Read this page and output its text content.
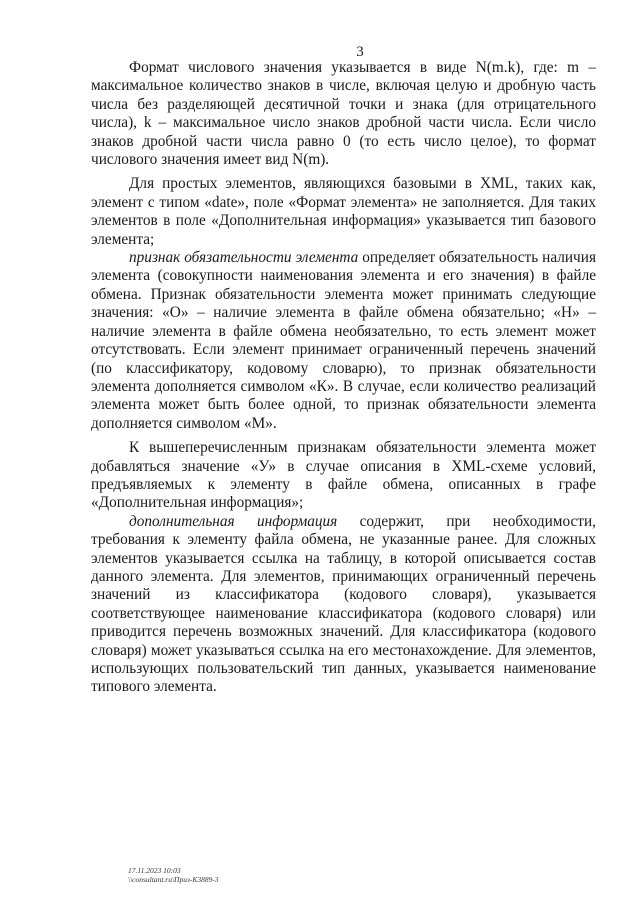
3

Формат числового значения указывается в виде N(m.k), где: m – максимальное количество знаков в числе, включая целую и дробную часть числа без разделяющей десятичной точки и знака (для отрицательного числа), k – максимальное число знаков дробной части числа. Если число знаков дробной части числа равно 0 (то есть число целое), то формат числового значения имеет вид N(m).

Для простых элементов, являющихся базовыми в XML, таких как, элемент с типом «date», поле «Формат элемента» не заполняется. Для таких элементов в поле «Дополнительная информация» указывается тип базового элемента;

признак обязательности элемента определяет обязательность наличия элемента (совокупности наименования элемента и его значения) в файле обмена. Признак обязательности элемента может принимать следующие значения: «О» – наличие элемента в файле обмена обязательно; «Н» – наличие элемента в файле обмена необязательно, то есть элемент может отсутствовать. Если элемент принимает ограниченный перечень значений (по классификатору, кодовому словарю), то признак обязательности элемента дополняется символом «К». В случае, если количество реализаций элемента может быть более одной, то признак обязательности элемента дополняется символом «М».

К вышеперечисленным признакам обязательности элемента может добавляться значение «У» в случае описания в XML-схеме условий, предъявляемых к элементу в файле обмена, описанных в графе «Дополнительная информация»;

дополнительная информация содержит, при необходимости, требования к элементу файла обмена, не указанные ранее. Для сложных элементов указывается ссылка на таблицу, в которой описывается состав данного элемента. Для элементов, принимающих ограниченный перечень значений из классификатора (кодового словаря), указывается соответствующее наименование классификатора (кодового словаря) или приводится перечень возможных значений. Для классификатора (кодового словаря) может указываться ссылка на его местонахождение. Для элементов, использующих пользовательский тип данных, указывается наименование типового элемента.

17.11.2023 10:03
\\consultant.ru\Приз-К3889-3
